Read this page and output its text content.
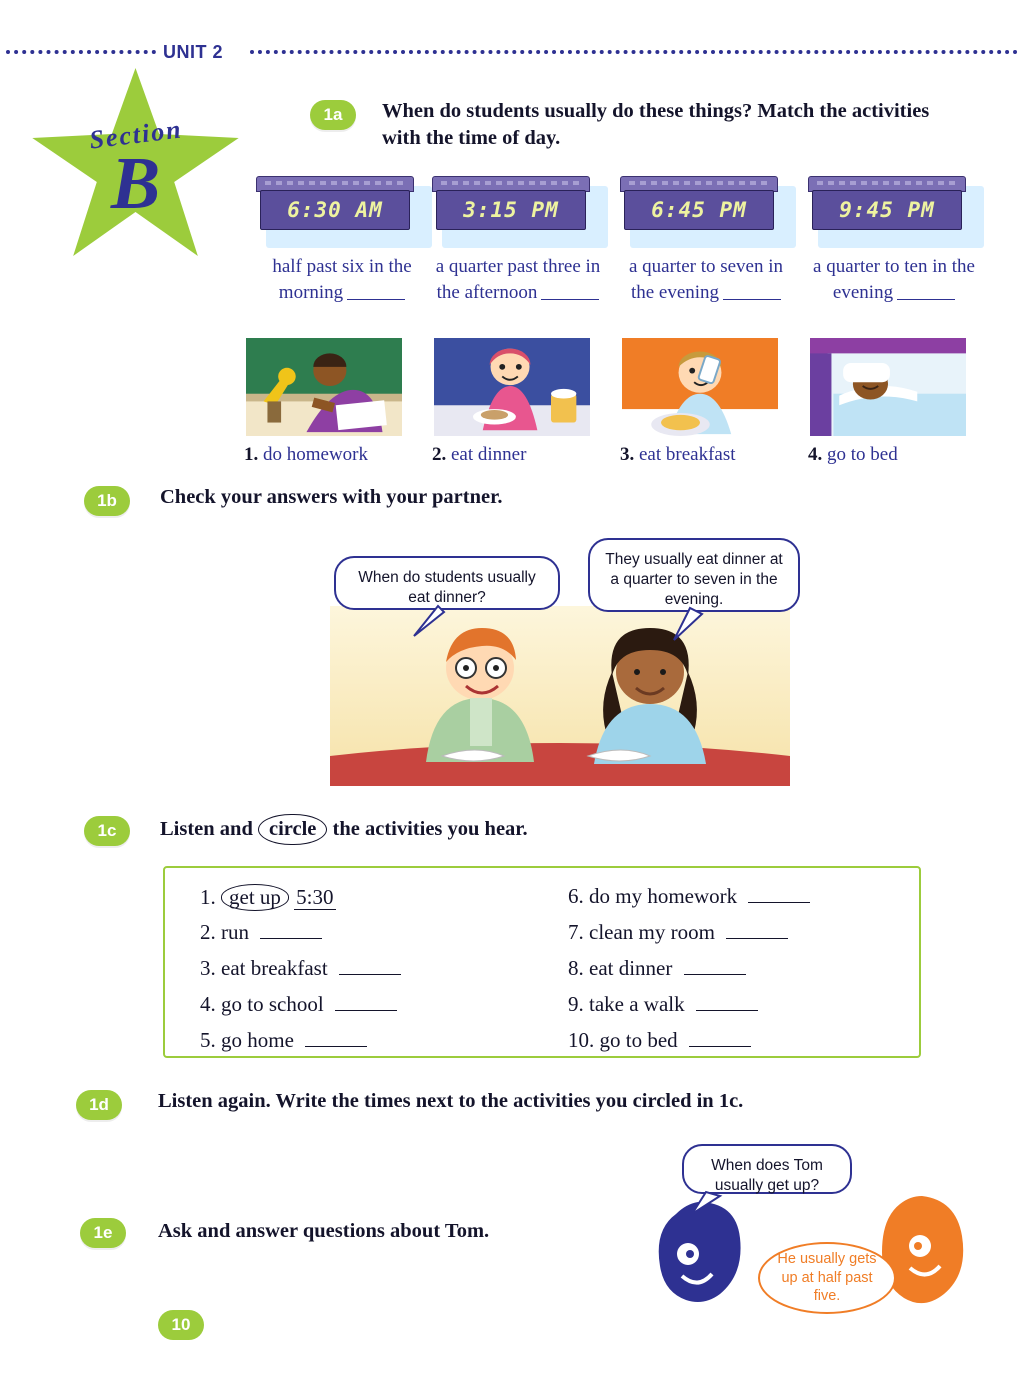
UNIT 2
Section
B
1a	When do students usually do these things? Match the activities with the time of day.
6:30 AM
half past six in the morning
3:15 PM
a quarter past three in the afternoon
6:45 PM
a quarter to seven in the evening
9:45 PM
a quarter to ten in the evening
1. do homework	2. eat dinner	3. eat breakfast	4. go to bed
1b	Check your answers with your partner.
When do students usually eat dinner?
They usually eat dinner at a quarter to seven in the evening.
1c	Listen and circle the activities you hear.
1. get up 5:30
2. run
3. eat breakfast
4. go to school
5. go home
6. do my homework
7. clean my room
8. eat dinner
9. take a walk
10. go to bed
1d	Listen again. Write the times next to the activities you circled in 1c.
1e	Ask and answer questions about Tom.
When does Tom usually get up?
He usually gets up at half past five.
10
